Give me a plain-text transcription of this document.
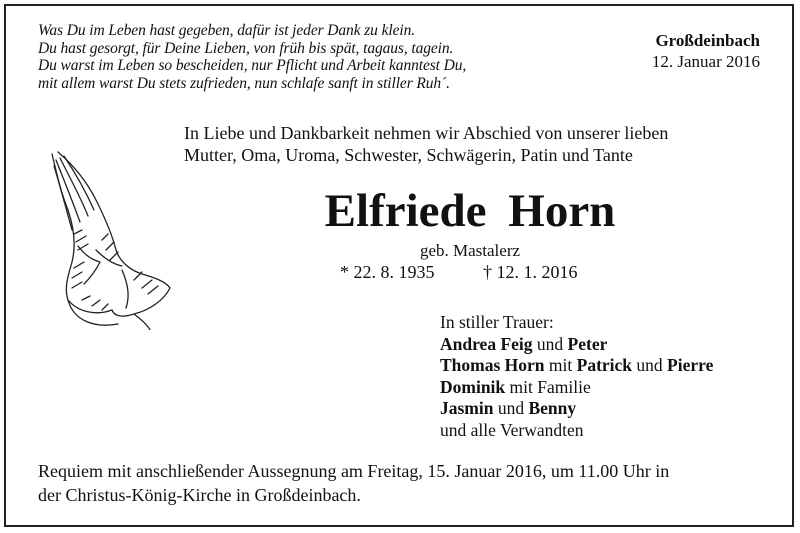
Was Du im Leben hast gegeben, dafür ist jeder Dank zu klein.
Du hast gesorgt, für Deine Lieben, von früh bis spät, tagaus, tagein.
Du warst im Leben so bescheiden, nur Pflicht und Arbeit kanntest Du,
mit allem warst Du stets zufrieden, nun schlafe sanft in stiller Ruh´.
Großdeinbach
12. Januar 2016
In Liebe und Dankbarkeit nehmen wir Abschied von unserer lieben
Mutter, Oma, Uroma, Schwester, Schwägerin, Patin und Tante
Elfriede Horn
geb. Mastalerz
* 22. 8. 1935	† 12. 1. 2016
In stiller Trauer:
Andrea Feig und Peter
Thomas Horn mit Patrick und Pierre
Dominik mit Familie
Jasmin und Benny
und alle Verwandten
Requiem mit anschließender Aussegnung am Freitag, 15. Januar 2016, um 11.00 Uhr in
der Christus-König-Kirche in Großdeinbach.
